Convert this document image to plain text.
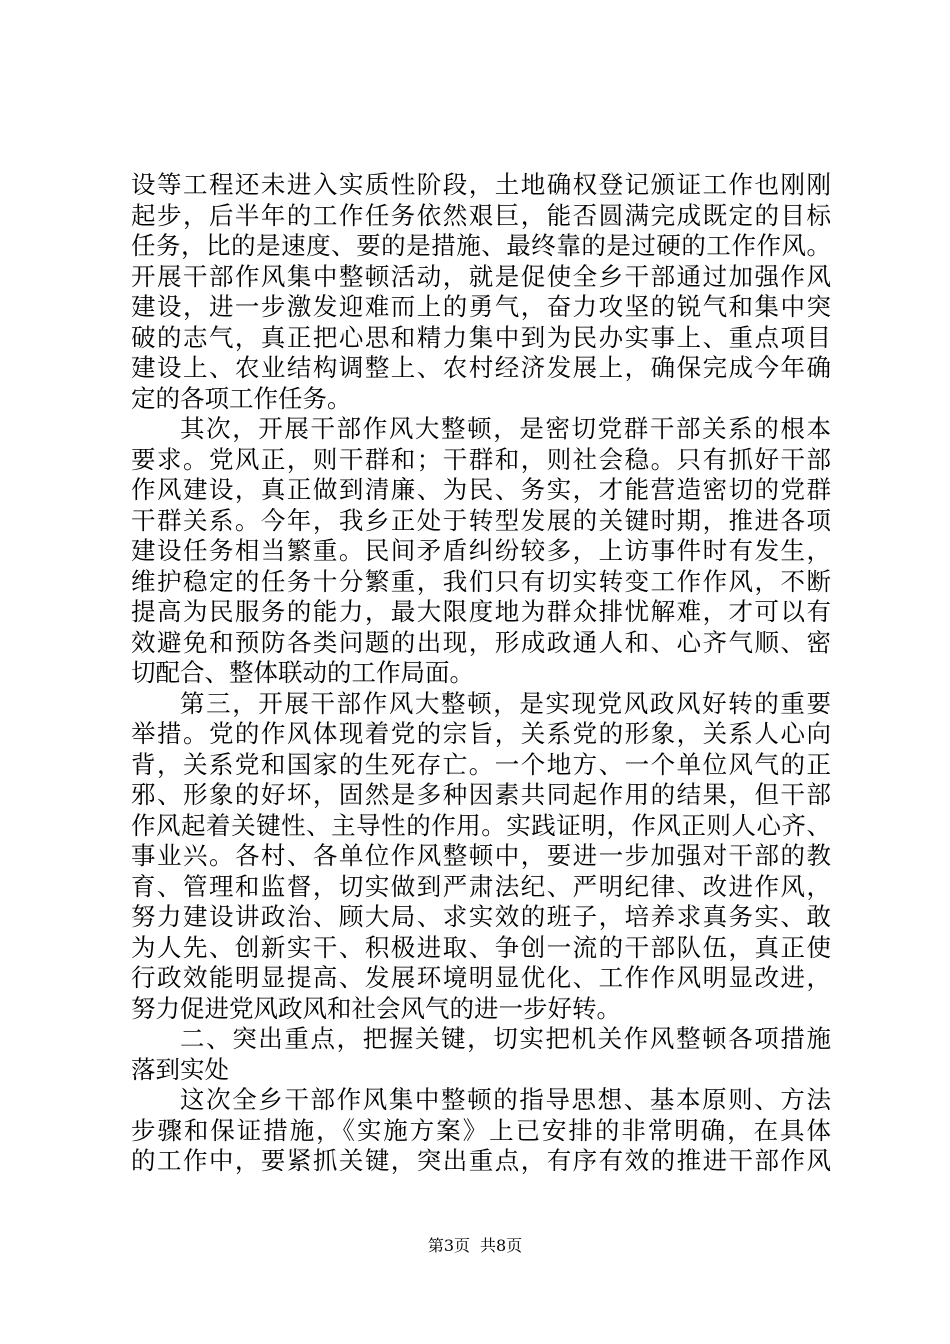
设等工程还未进入实质性阶段，土地确权登记颁证工作也刚刚
起步，后半年的工作任务依然艰巨，能否圆满完成既定的目标
任务，比的是速度、要的是措施、最终靠的是过硬的工作作风。
开展干部作风集中整顿活动，就是促使全乡干部通过加强作风
建设，进一步激发迎难而上的勇气，奋力攻坚的锐气和集中突
破的志气，真正把心思和精力集中到为民办实事上、重点项目
建设上、农业结构调整上、农村经济发展上，确保完成今年确
定的各项工作任务。
其次，开展干部作风大整顿，是密切党群干部关系的根本
要求。党风正，则干群和；干群和，则社会稳。只有抓好干部
作风建设，真正做到清廉、为民、务实，才能营造密切的党群
干群关系。今年，我乡正处于转型发展的关键时期，推进各项
建设任务相当繁重。民间矛盾纠纷较多，上访事件时有发生，
维护稳定的任务十分繁重，我们只有切实转变工作作风，不断
提高为民服务的能力，最大限度地为群众排忧解难，才可以有
效避免和预防各类问题的出现，形成政通人和、心齐气顺、密
切配合、整体联动的工作局面。
第三，开展干部作风大整顿，是实现党风政风好转的重要
举措。党的作风体现着党的宗旨，关系党的形象，关系人心向
背，关系党和国家的生死存亡。一个地方、一个单位风气的正
邪、形象的好坏，固然是多种因素共同起作用的结果，但干部
作风起着关键性、主导性的作用。实践证明，作风正则人心齐、
事业兴。各村、各单位作风整顿中，要进一步加强对干部的教
育、管理和监督，切实做到严肃法纪、严明纪律、改进作风，
努力建设讲政治、顾大局、求实效的班子，培养求真务实、敢
为人先、创新实干、积极进取、争创一流的干部队伍，真正使
行政效能明显提高、发展环境明显优化、工作作风明显改进，
努力促进党风政风和社会风气的进一步好转。
二、突出重点，把握关键，切实把机关作风整顿各项措施
落到实处
这次全乡干部作风集中整顿的指导思想、基本原则、方法
步骤和保证措施，《实施方案》上已安排的非常明确，在具体
的工作中，要紧抓关键，突出重点，有序有效的推进干部作风
第3页 共8页
